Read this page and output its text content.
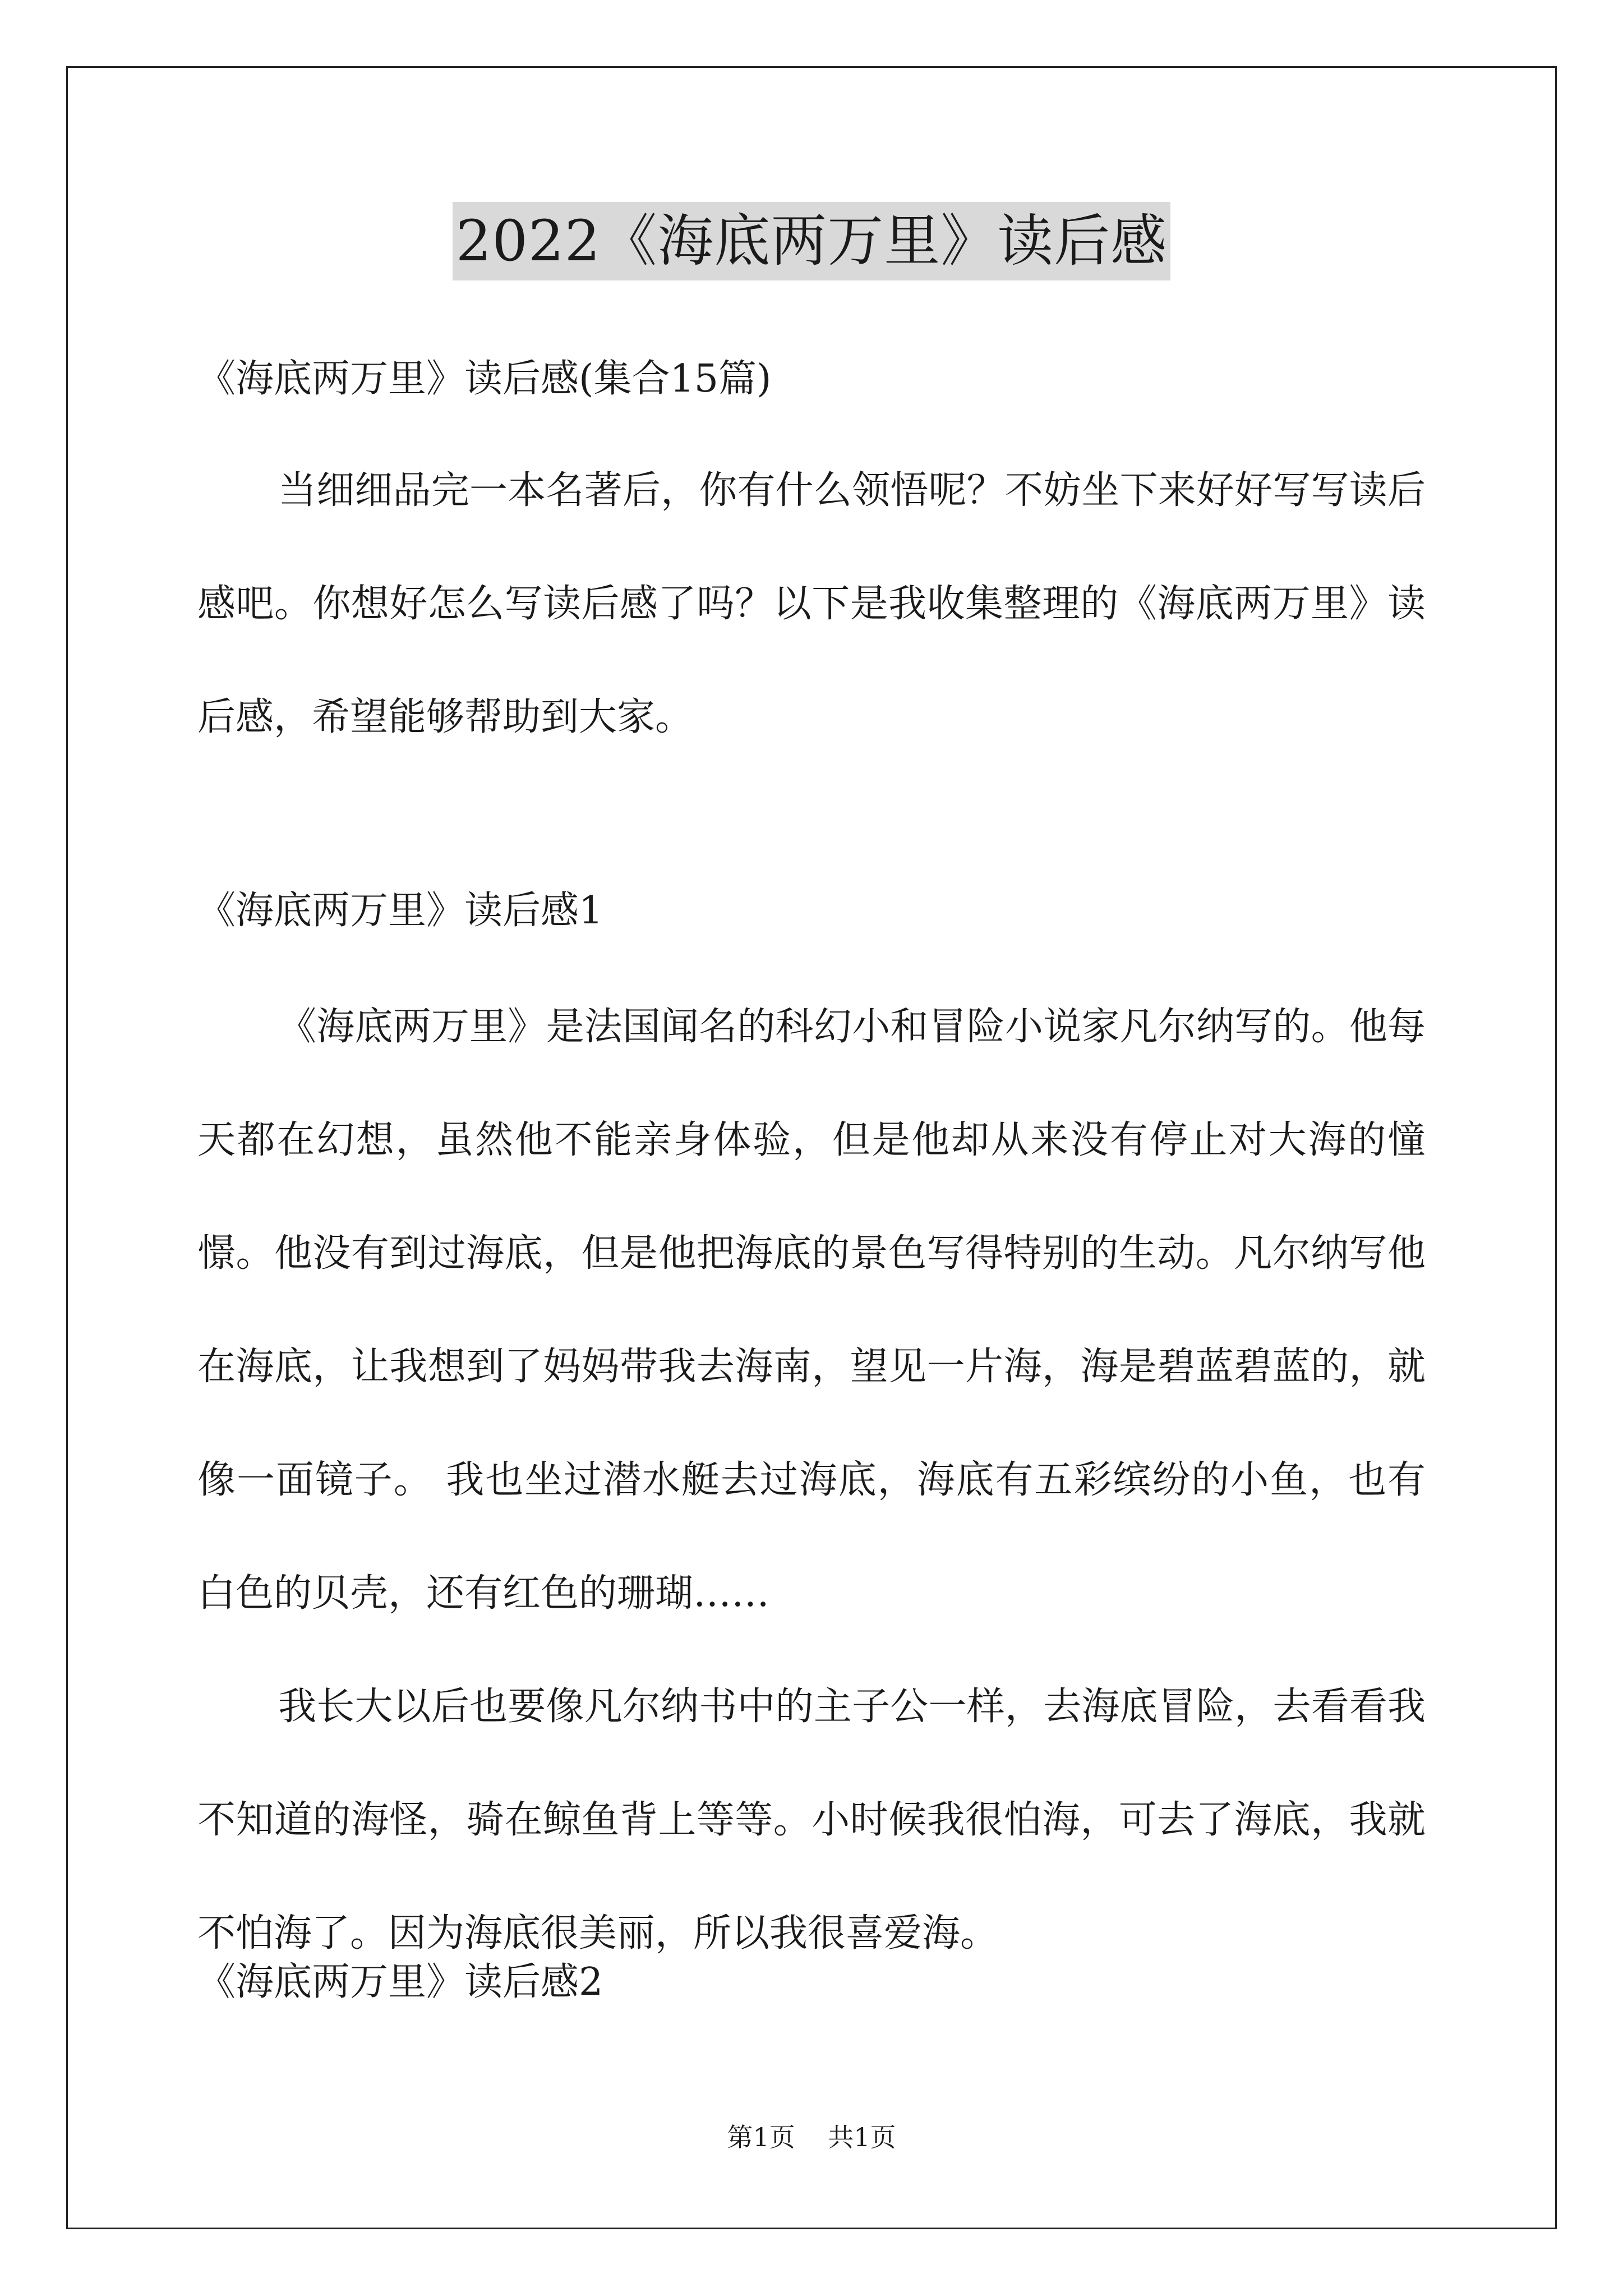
2022《海底两万里》读后感
《海底两万里》读后感(集合15篇)

当细细品完一本名著后，你有什么领悟呢？不妨坐下来好好写写读后感吧。你想好怎么写读后感了吗？以下是我收集整理的《海底两万里》读后感，希望能够帮助到大家。

《海底两万里》读后感1

《海底两万里》是法国闻名的科幻小和冒险小说家凡尔纳写的。他每天都在幻想，虽然他不能亲身体验，但是他却从来没有停止对大海的憧憬。他没有到过海底，但是他把海底的景色写得特别的生动。凡尔纳写他在海底，让我想到了妈妈带我去海南，望见一片海，海是碧蓝碧蓝的，就像一面镜子。 我也坐过潜水艇去过海底，海底有五彩缤纷的小鱼，也有白色的贝壳，还有红色的珊瑚……

我长大以后也要像凡尔纳书中的主子公一样，去海底冒险，去看看我不知道的海怪，骑在鲸鱼背上等等。小时候我很怕海，可去了海底，我就不怕海了。因为海底很美丽，所以我很喜爱海。

《海底两万里》读后感2
第1页 共1页
